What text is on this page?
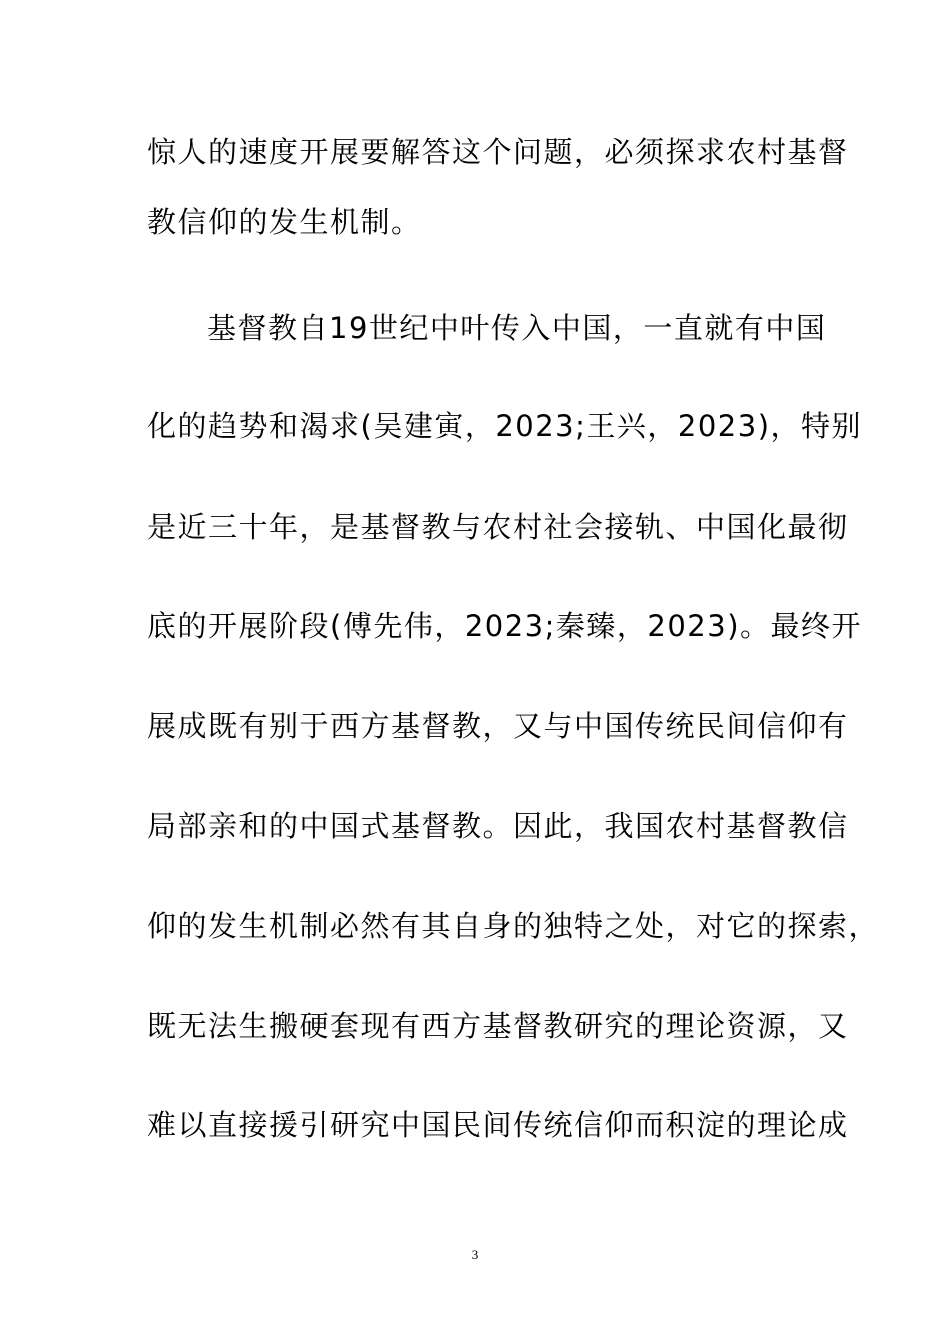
惊人的速度开展要解答这个问题，必须探求农村基督
教信仰的发生机制。
基督教自19世纪中叶传入中国，一直就有中国
化的趋势和渴求(吴建寅，2023;王兴，2023)，特别
是近三十年，是基督教与农村社会接轨、中国化最彻
底的开展阶段(傅先伟，2023;秦臻，2023)。最终开
展成既有别于西方基督教，又与中国传统民间信仰有
局部亲和的中国式基督教。因此，我国农村基督教信
仰的发生机制必然有其自身的独特之处，对它的探索，
既无法生搬硬套现有西方基督教研究的理论资源，又
难以直接援引研究中国民间传统信仰而积淀的理论成
3
